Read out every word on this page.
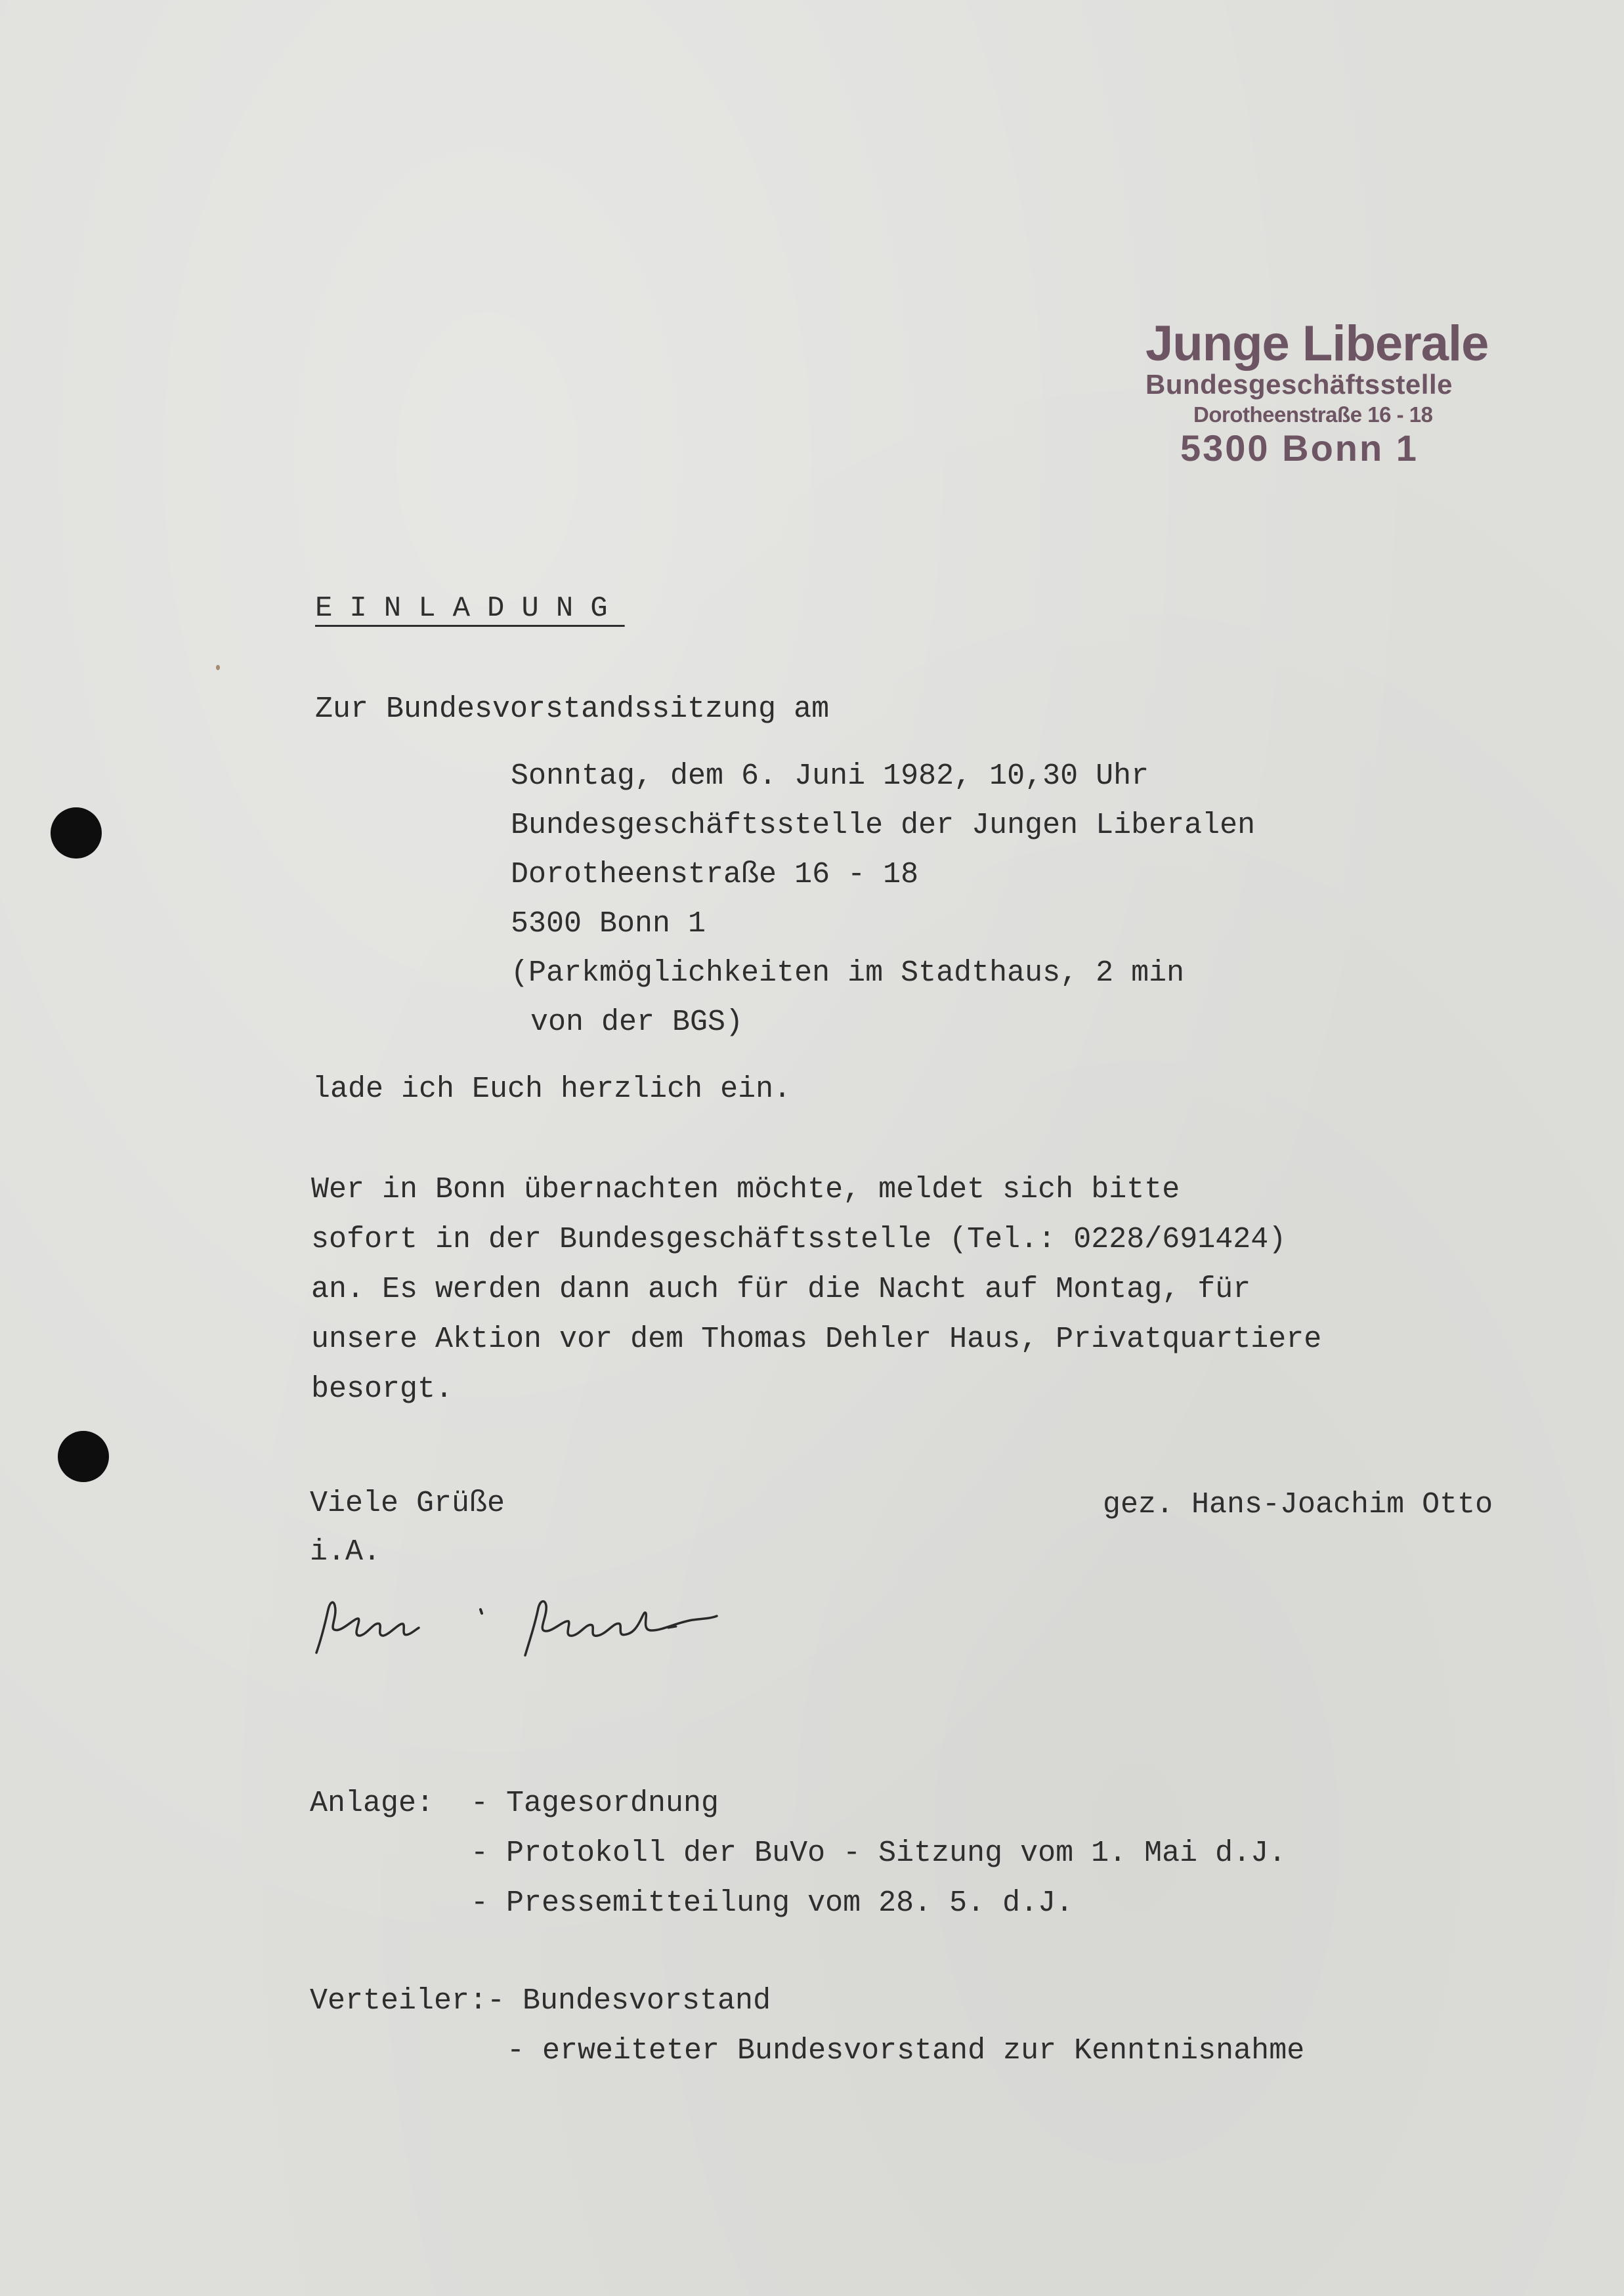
Junge Liberale
Bundesgeschäftsstelle
Dorotheenstraße 16 - 18
5300 Bonn 1
EINLADUNG
Zur Bundesvorstandssitzung am
Sonntag, dem 6. Juni 1982, 10,30 Uhr
Bundesgeschäftsstelle der Jungen Liberalen
Dorotheenstraße 16 - 18
5300 Bonn 1
(Parkmöglichkeiten im Stadthaus, 2 min
von der BGS)
lade ich Euch herzlich ein.
Wer in Bonn übernachten möchte, meldet sich bitte
sofort in der Bundesgeschäftsstelle (Tel.: 0228/691424)
an. Es werden dann auch für die Nacht auf Montag, für
unsere Aktion vor dem Thomas Dehler Haus, Privatquartiere
besorgt.
Viele Grüße	gez. Hans-Joachim Otto
i.A.
Anlage: - Tagesordnung
- Protokoll der BuVo - Sitzung vom 1. Mai d.J.
- Pressemitteilung vom 28. 5. d.J.
Verteiler: - Bundesvorstand
- erweiteter Bundesvorstand zur Kenntnisnahme
